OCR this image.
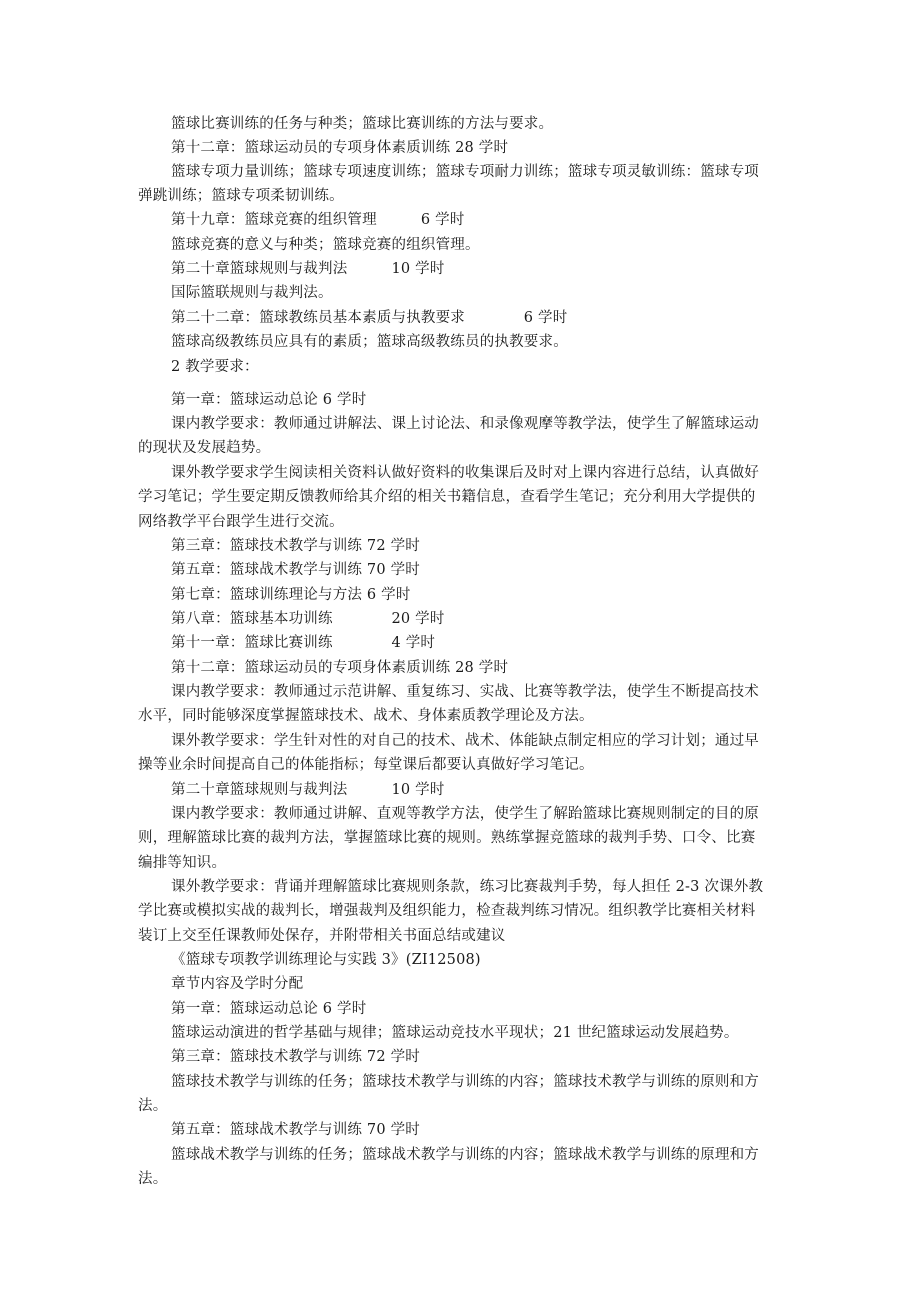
篮球比赛训练的任务与种类；篮球比赛训练的方法与要求。
第十二章：篮球运动员的专项身体素质训练 28 学时
篮球专项力量训练；篮球专项速度训练；篮球专项耐力训练；篮球专项灵敏训练：篮球专项
弹跳训练；篮球专项柔韧训练。
第十九章：篮球竞赛的组织管理　　　6 学时
篮球竞赛的意义与种类；篮球竞赛的组织管理。
第二十章篮球规则与裁判法　　　10 学时
国际篮联规则与裁判法。
第二十二章：篮球教练员基本素质与执教要求　　　　6 学时
篮球高级教练员应具有的素质；篮球高级教练员的执教要求。
2 教学要求：
第一章：篮球运动总论 6 学时
课内教学要求：教师通过讲解法、课上讨论法、和录像观摩等教学法，使学生了解篮球运动
的现状及发展趋势。
课外教学要求学生阅读相关资料认做好资料的收集课后及时对上课内容进行总结，认真做好
学习笔记；学生要定期反馈教师给其介绍的相关书籍信息，查看学生笔记；充分利用大学提供的
网络教学平台跟学生进行交流。
第三章：篮球技术教学与训练 72 学时
第五章：篮球战术教学与训练 70 学时
第七章：篮球训练理论与方法 6 学时
第八章：篮球基本功训练　　　　20 学时
第十一章：篮球比赛训练　　　　4 学时
第十二章：篮球运动员的专项身体素质训练 28 学时
课内教学要求：教师通过示范讲解、重复练习、实战、比赛等教学法，使学生不断提高技术
水平，同时能够深度掌握篮球技术、战术、身体素质教学理论及方法。
课外教学要求：学生针对性的对自己的技术、战术、体能缺点制定相应的学习计划；通过早
操等业余时间提高自己的体能指标；每堂课后都要认真做好学习笔记。
第二十章篮球规则与裁判法　　　10 学时
课内教学要求：教师通过讲解、直观等教学方法，使学生了解跆篮球比赛规则制定的目的原
则，理解篮球比赛的裁判方法，掌握篮球比赛的规则。熟练掌握竞篮球的裁判手势、口令、比赛
编排等知识。
课外教学要求：背诵并理解篮球比赛规则条款，练习比赛裁判手势，每人担任 2-3 次课外教
学比赛或模拟实战的裁判长，增强裁判及组织能力，检查裁判练习情况。组织教学比赛相关材料
装订上交至任课教师处保存，并附带相关书面总结或建议
《篮球专项教学训练理论与实践 3》(ZI12508)
章节内容及学时分配
第一章：篮球运动总论 6 学时
篮球运动演进的哲学基础与规律；篮球运动竞技水平现状；21 世纪篮球运动发展趋势。
第三章：篮球技术教学与训练 72 学时
篮球技术教学与训练的任务；篮球技术教学与训练的内容；篮球技术教学与训练的原则和方
法。
第五章：篮球战术教学与训练 70 学时
篮球战术教学与训练的任务；篮球战术教学与训练的内容；篮球战术教学与训练的原理和方
法。
